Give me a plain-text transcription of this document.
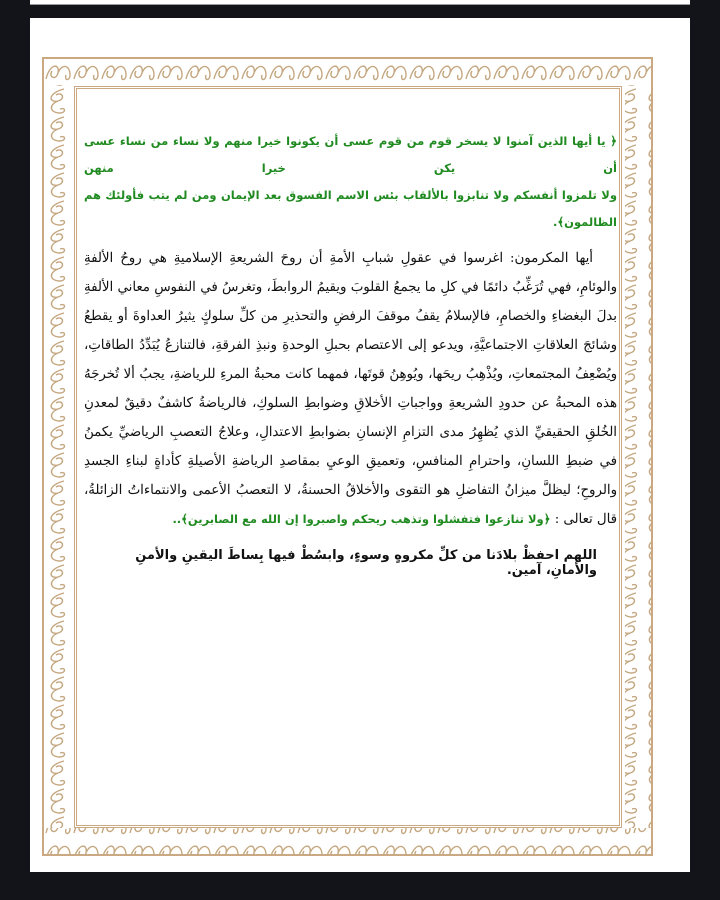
﴿ يا أيها الذين آمنوا لا يسخر قوم من قوم عسى أن يكونوا خيرا منهم ولا نساء من نساء عسى أن يكن خيرا منهن

ولا تلمزوا أنفسكم ولا تنابزوا بالألقاب بئس الاسم الفسوق بعد الإيمان ومن لم يتب فأولئك هم الظالمون﴾.

أيها المكرمون: اغرسوا في عقولِ شبابِ الأمةِ أن روحَ الشريعةِ الإسلاميةِ هي روحُ الألفةِ والوئامِ، فهي تُرَغِّبُ دائمًا في كلِ ما يجمعُ القلوبَ ويقيمُ الروابطَ، وتغرسُ في النفوسِ معاني الألفةِ بدلَ البغضاءِ والخصامِ، فالإسلامُ يقفُ موقفَ الرفضِ والتحذيرِ من كلِّ سلوكٍ يثيرُ العداوةَ أو يقطعُ وشائجَ العلاقاتِ الاجتماعيَّةِ، ويدعو إلى الاعتصام بحبلِ الوحدةِ ونبذِ الفرقةِ، فالتنازعُ يُبَدِّدُ الطاقاتِ، ويُضْعِفُ المجتمعاتِ، ويُذْهِبُ ريحَها، ويُوهِنُ قوتَها، فمهما كانت محبةُ المرءِ للرياضةِ، يجبُ ألا تُخرجَهُ هذه المحبةُ عن حدودِ الشريعةِ وواجباتِ الأخلاقِ وضوابطِ السلوكِ، فالرياضةُ كاشفٌ دقيقٌ لمعدنِ الخُلقِ الحقيقيِّ الذي يُظهِرُ مدى التزامِ الإنسانِ بضوابطِ الاعتدالِ، وعلاجُ التعصبِ الرياضيِّ يكمنُ في ضبطِ اللسانِ، واحترامِ المنافسِ، وتعميقِ الوعيِ بمقاصدِ الرياضةِ الأصيلةِ كأداةٍ لبناءِ الجسدِ والروحِ؛ ليظلَّ ميزانُ التفاضلِ هو التقوى والأخلاقُ الحسنةُ، لا التعصبُ الأعمى والانتماءاتُ الزائلةُ، قال تعالى : ﴿ولا تنازعوا فتفشلوا وتذهب ريحكم واصبروا إن الله مع الصابرين﴾..

اللهم احفظْ بلادَنا من كلِّ مكروهٍ وسوءٍ، وابسُطْ فيها بِساطَ اليقينِ والأمنِ والأمانِ، آمين.
